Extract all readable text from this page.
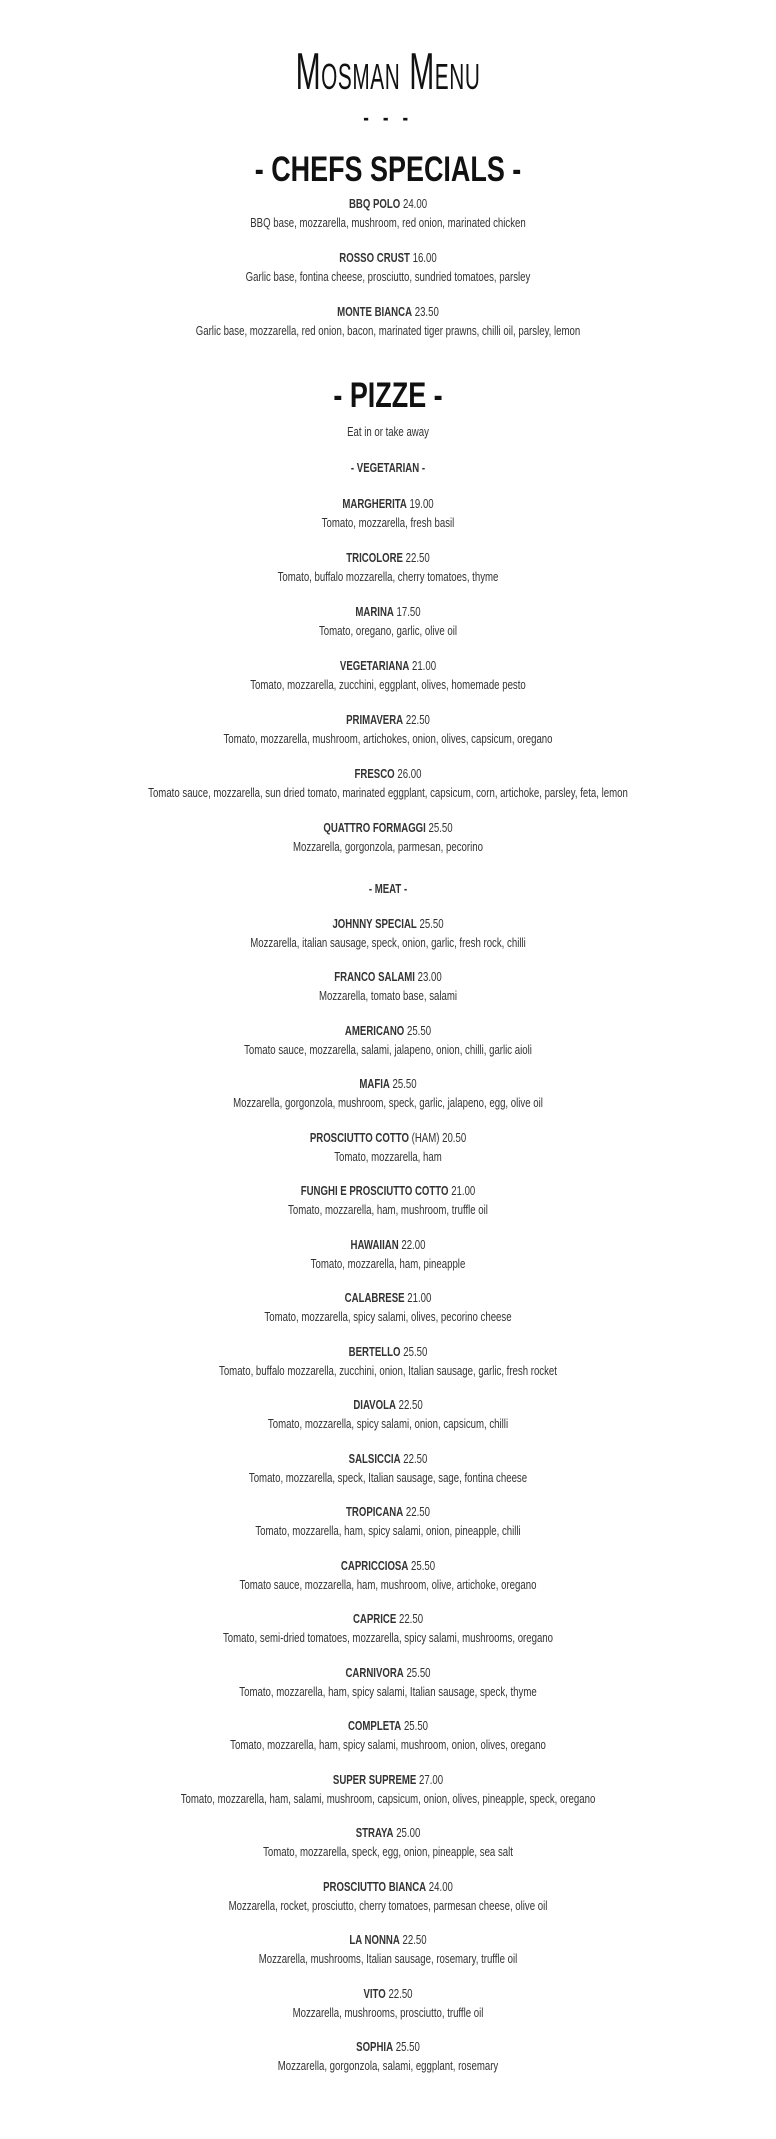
Mosman Menu
- - -
- CHEFS SPECIALS -
BBQ POLO 24.00
BBQ base, mozzarella, mushroom, red onion, marinated chicken
ROSSO CRUST 16.00
Garlic base, fontina cheese, prosciutto, sundried tomatoes, parsley
MONTE BIANCA 23.50
Garlic base, mozzarella, red onion, bacon, marinated tiger prawns, chilli oil, parsley, lemon
- PIZZE -
Eat in or take away
- VEGETARIAN -
MARGHERITA 19.00
Tomato, mozzarella, fresh basil
TRICOLORE 22.50
Tomato, buffalo mozzarella, cherry tomatoes, thyme
MARINA 17.50
Tomato, oregano, garlic, olive oil
VEGETARIANA 21.00
Tomato, mozzarella, zucchini, eggplant, olives, homemade pesto
PRIMAVERA 22.50
Tomato, mozzarella, mushroom, artichokes, onion, olives, capsicum, oregano
FRESCO 26.00
Tomato sauce, mozzarella, sun dried tomato, marinated eggplant, capsicum, corn, artichoke, parsley, feta, lemon
QUATTRO FORMAGGI 25.50
Mozzarella, gorgonzola, parmesan, pecorino
- MEAT -
JOHNNY SPECIAL 25.50
Mozzarella, italian sausage, speck, onion, garlic, fresh rock, chilli
FRANCO SALAMI 23.00
Mozzarella, tomato base, salami
AMERICANO 25.50
Tomato sauce, mozzarella, salami, jalapeno, onion, chilli, garlic aioli
MAFIA 25.50
Mozzarella, gorgonzola, mushroom, speck, garlic, jalapeno, egg, olive oil
PROSCIUTTO COTTO (HAM) 20.50
Tomato, mozzarella, ham
FUNGHI E PROSCIUTTO COTTO 21.00
Tomato, mozzarella, ham, mushroom, truffle oil
HAWAIIAN 22.00
Tomato, mozzarella, ham, pineapple
CALABRESE 21.00
Tomato, mozzarella, spicy salami, olives, pecorino cheese
BERTELLO 25.50
Tomato, buffalo mozzarella, zucchini, onion, Italian sausage, garlic, fresh rocket
DIAVOLA 22.50
Tomato, mozzarella, spicy salami, onion, capsicum, chilli
SALSICCIA 22.50
Tomato, mozzarella, speck, Italian sausage, sage, fontina cheese
TROPICANA 22.50
Tomato, mozzarella, ham, spicy salami, onion, pineapple, chilli
CAPRICCIOSA 25.50
Tomato sauce, mozzarella, ham, mushroom, olive, artichoke, oregano
CAPRICE 22.50
Tomato, semi-dried tomatoes, mozzarella, spicy salami, mushrooms, oregano
CARNIVORA 25.50
Tomato, mozzarella, ham, spicy salami, Italian sausage, speck, thyme
COMPLETA 25.50
Tomato, mozzarella, ham, spicy salami, mushroom, onion, olives, oregano
SUPER SUPREME 27.00
Tomato, mozzarella, ham, salami, mushroom, capsicum, onion, olives, pineapple, speck, oregano
STRAYA 25.00
Tomato, mozzarella, speck, egg, onion, pineapple, sea salt
PROSCIUTTO BIANCA 24.00
Mozzarella, rocket, prosciutto, cherry tomatoes, parmesan cheese, olive oil
LA NONNA 22.50
Mozzarella, mushrooms, Italian sausage, rosemary, truffle oil
VITO 22.50
Mozzarella, mushrooms, prosciutto, truffle oil
SOPHIA 25.50
Mozzarella, gorgonzola, salami, eggplant, rosemary
